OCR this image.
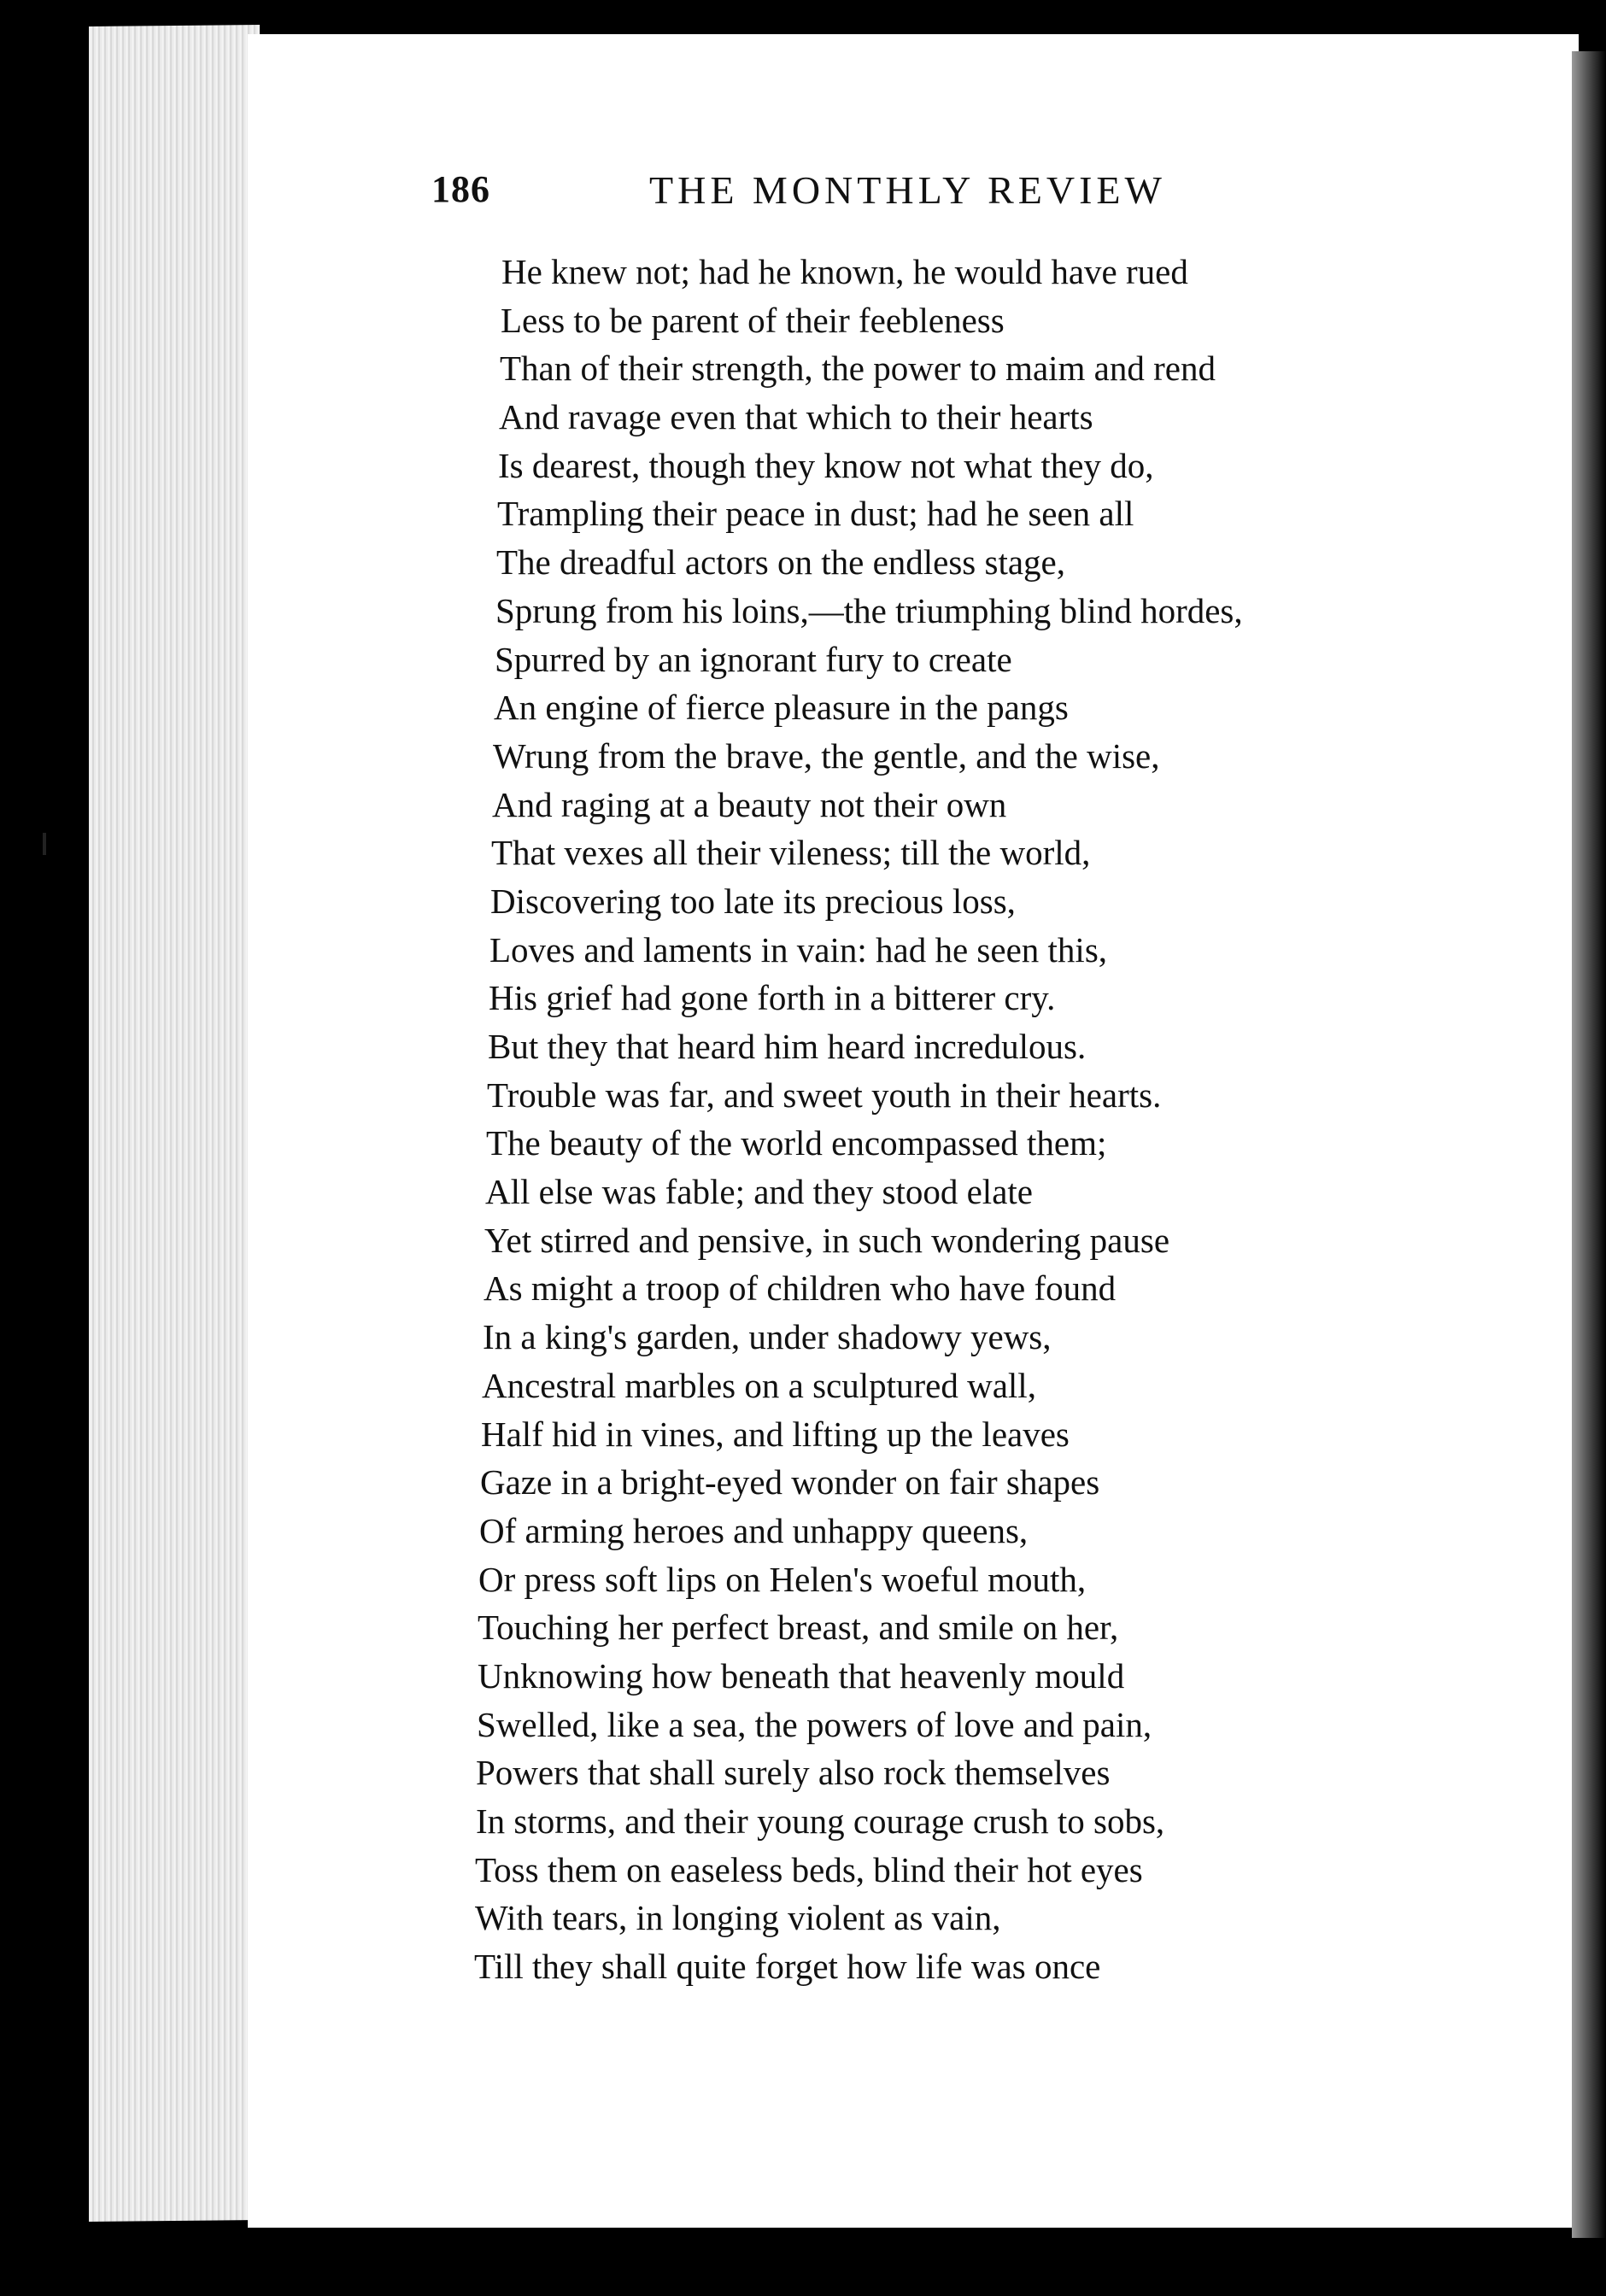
186	THE MONTHLY REVIEW
He knew not; had he known, he would have rued
Less to be parent of their feebleness
Than of their strength, the power to maim and rend
And ravage even that which to their hearts
Is dearest, though they know not what they do,
Trampling their peace in dust; had he seen all
The dreadful actors on the endless stage,
Sprung from his loins,—the triumphing blind hordes,
Spurred by an ignorant fury to create
An engine of fierce pleasure in the pangs
Wrung from the brave, the gentle, and the wise,
And raging at a beauty not their own
That vexes all their vileness; till the world,
Discovering too late its precious loss,
Loves and laments in vain: had he seen this,
His grief had gone forth in a bitterer cry.
But they that heard him heard incredulous.
Trouble was far, and sweet youth in their hearts.
The beauty of the world encompassed them;
All else was fable; and they stood elate
Yet stirred and pensive, in such wondering pause
As might a troop of children who have found
In a king's garden, under shadowy yews,
Ancestral marbles on a sculptured wall,
Half hid in vines, and lifting up the leaves
Gaze in a bright-eyed wonder on fair shapes
Of arming heroes and unhappy queens,
Or press soft lips on Helen's woeful mouth,
Touching her perfect breast, and smile on her,
Unknowing how beneath that heavenly mould
Swelled, like a sea, the powers of love and pain,
Powers that shall surely also rock themselves
In storms, and their young courage crush to sobs,
Toss them on easeless beds, blind their hot eyes
With tears, in longing violent as vain,
Till they shall quite forget how life was once
